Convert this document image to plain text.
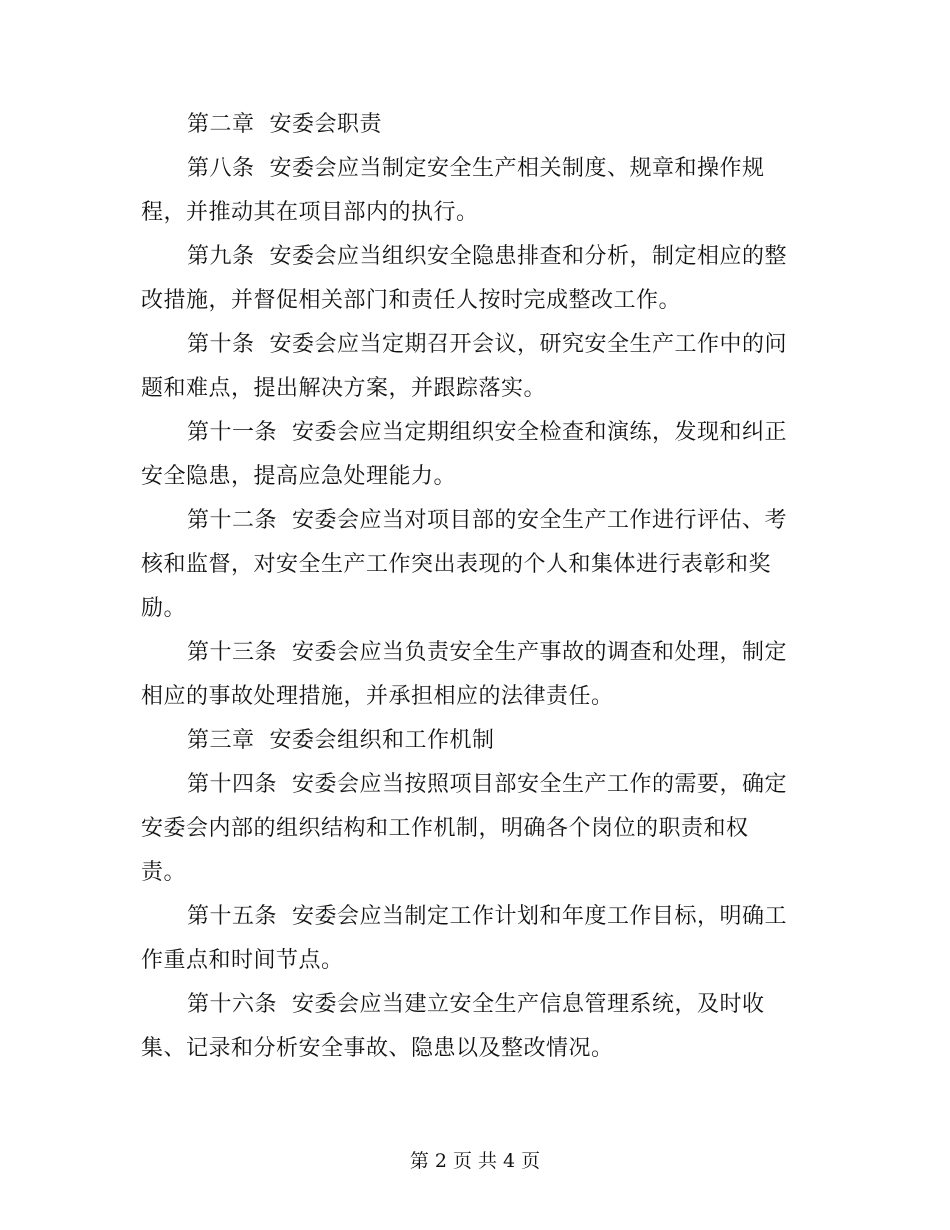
第二章  安委会职责

第八条  安委会应当制定安全生产相关制度、规章和操作规
程，并推动其在项目部内的执行。

第九条  安委会应当组织安全隐患排查和分析，制定相应的整
改措施，并督促相关部门和责任人按时完成整改工作。

第十条  安委会应当定期召开会议，研究安全生产工作中的问
题和难点，提出解决方案，并跟踪落实。

第十一条  安委会应当定期组织安全检查和演练，发现和纠正
安全隐患，提高应急处理能力。

第十二条  安委会应当对项目部的安全生产工作进行评估、考
核和监督，对安全生产工作突出表现的个人和集体进行表彰和奖
励。

第十三条  安委会应当负责安全生产事故的调查和处理，制定
相应的事故处理措施，并承担相应的法律责任。

第三章  安委会组织和工作机制

第十四条  安委会应当按照项目部安全生产工作的需要，确定
安委会内部的组织结构和工作机制，明确各个岗位的职责和权
责。

第十五条  安委会应当制定工作计划和年度工作目标，明确工
作重点和时间节点。

第十六条  安委会应当建立安全生产信息管理系统，及时收
集、记录和分析安全事故、隐患以及整改情况。

第 2 页 共 4 页
